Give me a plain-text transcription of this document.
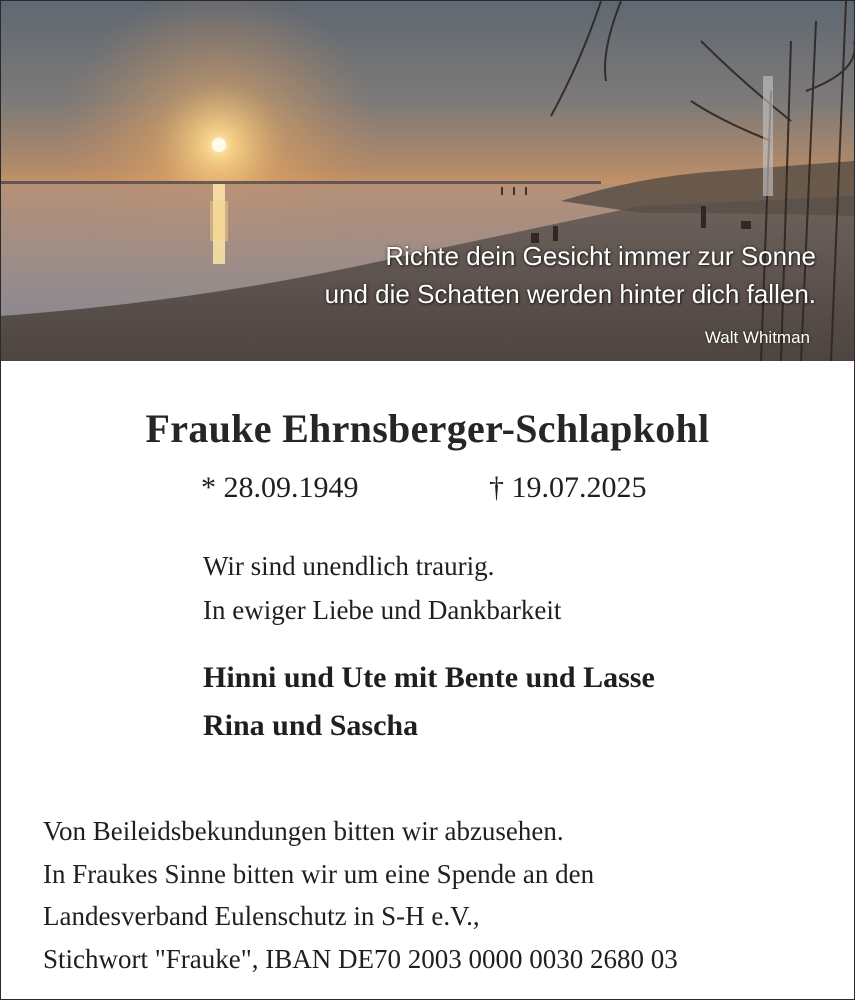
Richte dein Gesicht immer zur Sonne
und die Schatten werden hinter dich fallen.
Walt Whitman
Frauke Ehrnsberger-Schlapkohl
* 28.09.1949	† 19.07.2025
Wir sind unendlich traurig.
In ewiger Liebe und Dankbarkeit
Hinni und Ute mit Bente und Lasse
Rina und Sascha
Von Beileidsbekundungen bitten wir abzusehen.
In Fraukes Sinne bitten wir um eine Spende an den
Landesverband Eulenschutz in S-H e.V.,
Stichwort "Frauke", IBAN DE70 2003 0000 0030 2680 03
